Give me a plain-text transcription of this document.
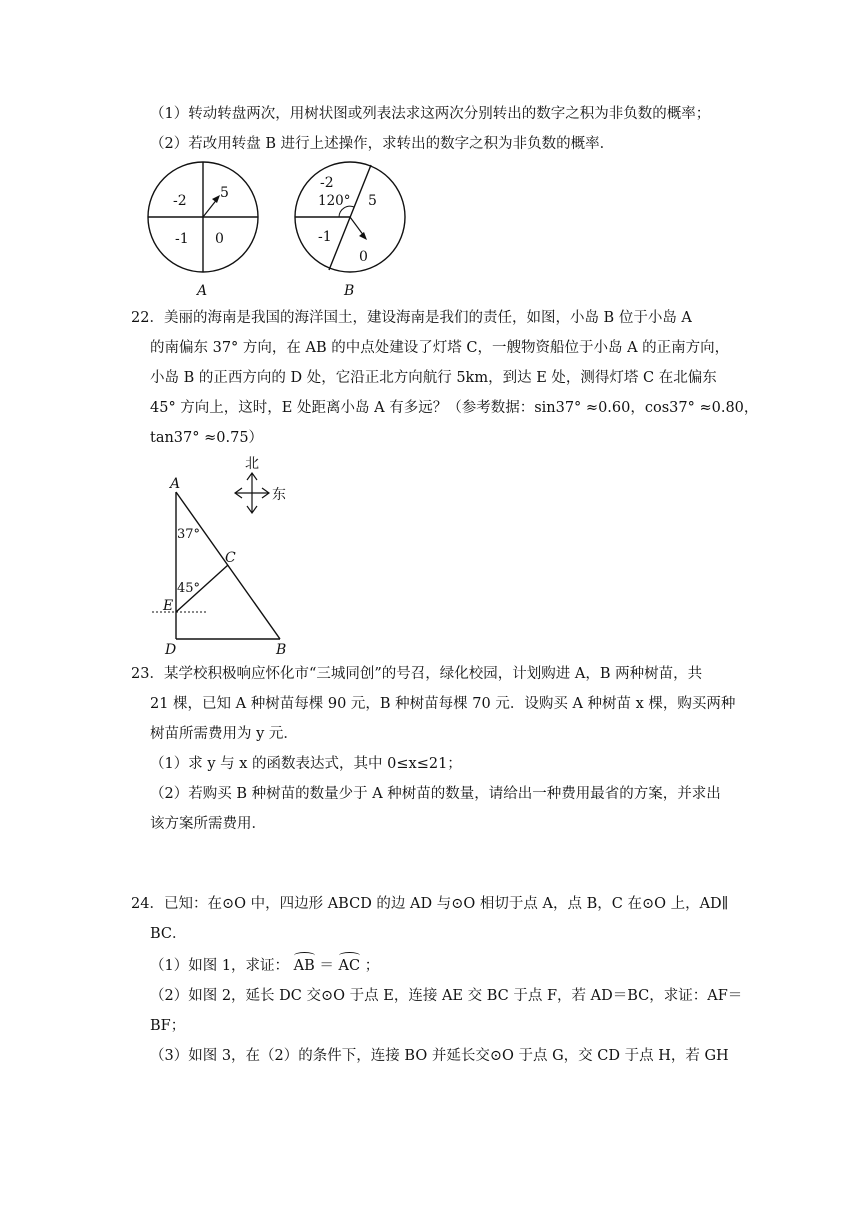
（1）转动转盘两次，用树状图或列表法求这两次分别转出的数字之积为非负数的概率；
（2）若改用转盘 B 进行上述操作，求转出的数字之积为非负数的概率．
-2 5
-1 0
A
-2
120° 5
-1
0
B
22．美丽的海南是我国的海洋国土，建设海南是我们的责任，如图，小岛 B 位于小岛 A
的南偏东 37° 方向，在 AB 的中点处建设了灯塔 C，一艘物资船位于小岛 A 的正南方向，
小岛 B 的正西方向的 D 处，它沿正北方向航行 5km，到达 E 处，测得灯塔 C 在北偏东
45° 方向上，这时，E 处距离小岛 A 有多远？（参考数据：sin37° ≈0.60，cos37° ≈0.80，
tan37° ≈0.75）
北
东
A
B
C
D
E
37°
45°
23．某学校积极响应怀化市“三城同创”的号召，绿化校园，计划购进 A，B 两种树苗，共
21 棵，已知 A 种树苗每棵 90 元，B 种树苗每棵 70 元．设购买 A 种树苗 x 棵，购买两种
树苗所需费用为 y 元．
（1）求 y 与 x 的函数表达式，其中 0≤x≤21；
（2）若购买 B 种树苗的数量少于 A 种树苗的数量，请给出一种费用最省的方案，并求出
该方案所需费用．
24．已知：在⊙O 中，四边形 ABCD 的边 AD 与⊙O 相切于点 A，点 B，C 在⊙O 上，AD∥
BC．
（1）如图 1，求证： AB ＝ AC ；
（2）如图 2，延长 DC 交⊙O 于点 E，连接 AE 交 BC 于点 F，若 AD＝BC，求证：AF＝
BF；
（3）如图 3，在（2）的条件下，连接 BO 并延长交⊙O 于点 G，交 CD 于点 H，若 GH
